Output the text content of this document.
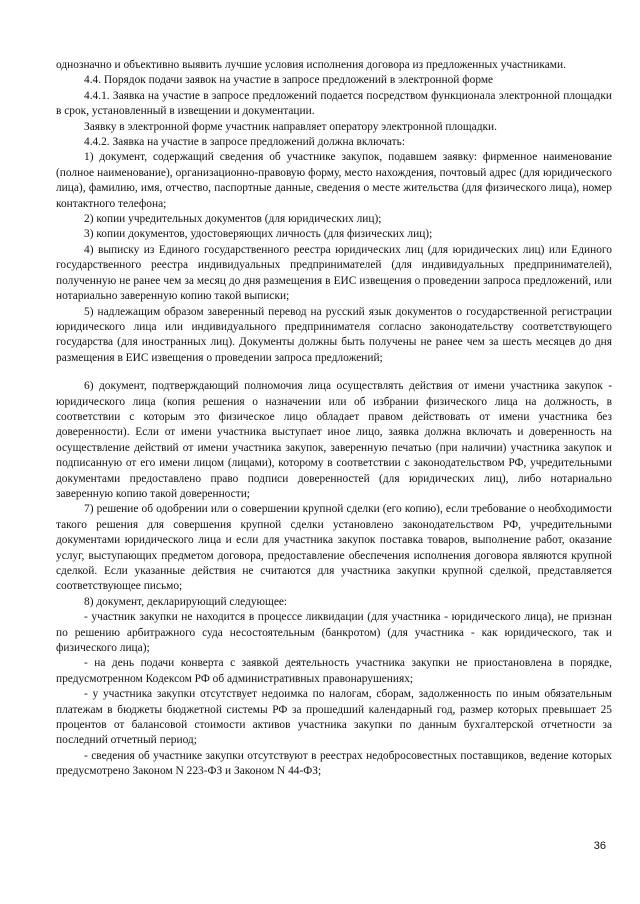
однозначно и объективно выявить лучшие условия исполнения договора из предложенных участниками.

4.4. Порядок подачи заявок на участие в запросе предложений в электронной форме

4.4.1. Заявка на участие в запросе предложений подается посредством функционала электронной площадки в срок, установленный в извещении и документации.

Заявку в электронной форме участник направляет оператору электронной площадки.

4.4.2. Заявка на участие в запросе предложений должна включать:

1) документ, содержащий сведения об участнике закупок, подавшем заявку: фирменное наименование (полное наименование), организационно-правовую форму, место нахождения, почтовый адрес (для юридического лица), фамилию, имя, отчество, паспортные данные, сведения о месте жительства (для физического лица), номер контактного телефона;

2) копии учредительных документов (для юридических лиц);

3) копии документов, удостоверяющих личность (для физических лиц);

4) выписку из Единого государственного реестра юридических лиц (для юридических лиц) или Единого государственного реестра индивидуальных предпринимателей (для индивидуальных предпринимателей), полученную не ранее чем за месяц до дня размещения в ЕИС извещения о проведении запроса предложений, или нотариально заверенную копию такой выписки;

5) надлежащим образом заверенный перевод на русский язык документов о государственной регистрации юридического лица или индивидуального предпринимателя согласно законодательству соответствующего государства (для иностранных лиц). Документы должны быть получены не ранее чем за шесть месяцев до дня размещения в ЕИС извещения о проведении запроса предложений;

6) документ, подтверждающий полномочия лица осуществлять действия от имени участника закупок - юридического лица (копия решения о назначении или об избрании физического лица на должность, в соответствии с которым это физическое лицо обладает правом действовать от имени участника без доверенности). Если от имени участника выступает иное лицо, заявка должна включать и доверенность на осуществление действий от имени участника закупок, заверенную печатью (при наличии) участника закупок и подписанную от его имени лицом (лицами), которому в соответствии с законодательством РФ, учредительными документами предоставлено право подписи доверенностей (для юридических лиц), либо нотариально заверенную копию такой доверенности;

7) решение об одобрении или о совершении крупной сделки (его копию), если требование о необходимости такого решения для совершения крупной сделки установлено законодательством РФ, учредительными документами юридического лица и если для участника закупок поставка товаров, выполнение работ, оказание услуг, выступающих предметом договора, предоставление обеспечения исполнения договора являются крупной сделкой. Если указанные действия не считаются для участника закупки крупной сделкой, представляется соответствующее письмо;

8) документ, декларирующий следующее:

- участник закупки не находится в процессе ликвидации (для участника - юридического лица), не признан по решению арбитражного суда несостоятельным (банкротом) (для участника - как юридического, так и физического лица);

- на день подачи конверта с заявкой деятельность участника закупки не приостановлена в порядке, предусмотренном Кодексом РФ об административных правонарушениях;

- у участника закупки отсутствует недоимка по налогам, сборам, задолженность по иным обязательным платежам в бюджеты бюджетной системы РФ за прошедший календарный год, размер которых превышает 25 процентов от балансовой стоимости активов участника закупки по данным бухгалтерской отчетности за последний отчетный период;

- сведения об участнике закупки отсутствуют в реестрах недобросовестных поставщиков, ведение которых предусмотрено Законом N 223-ФЗ и Законом N 44-ФЗ;

36
